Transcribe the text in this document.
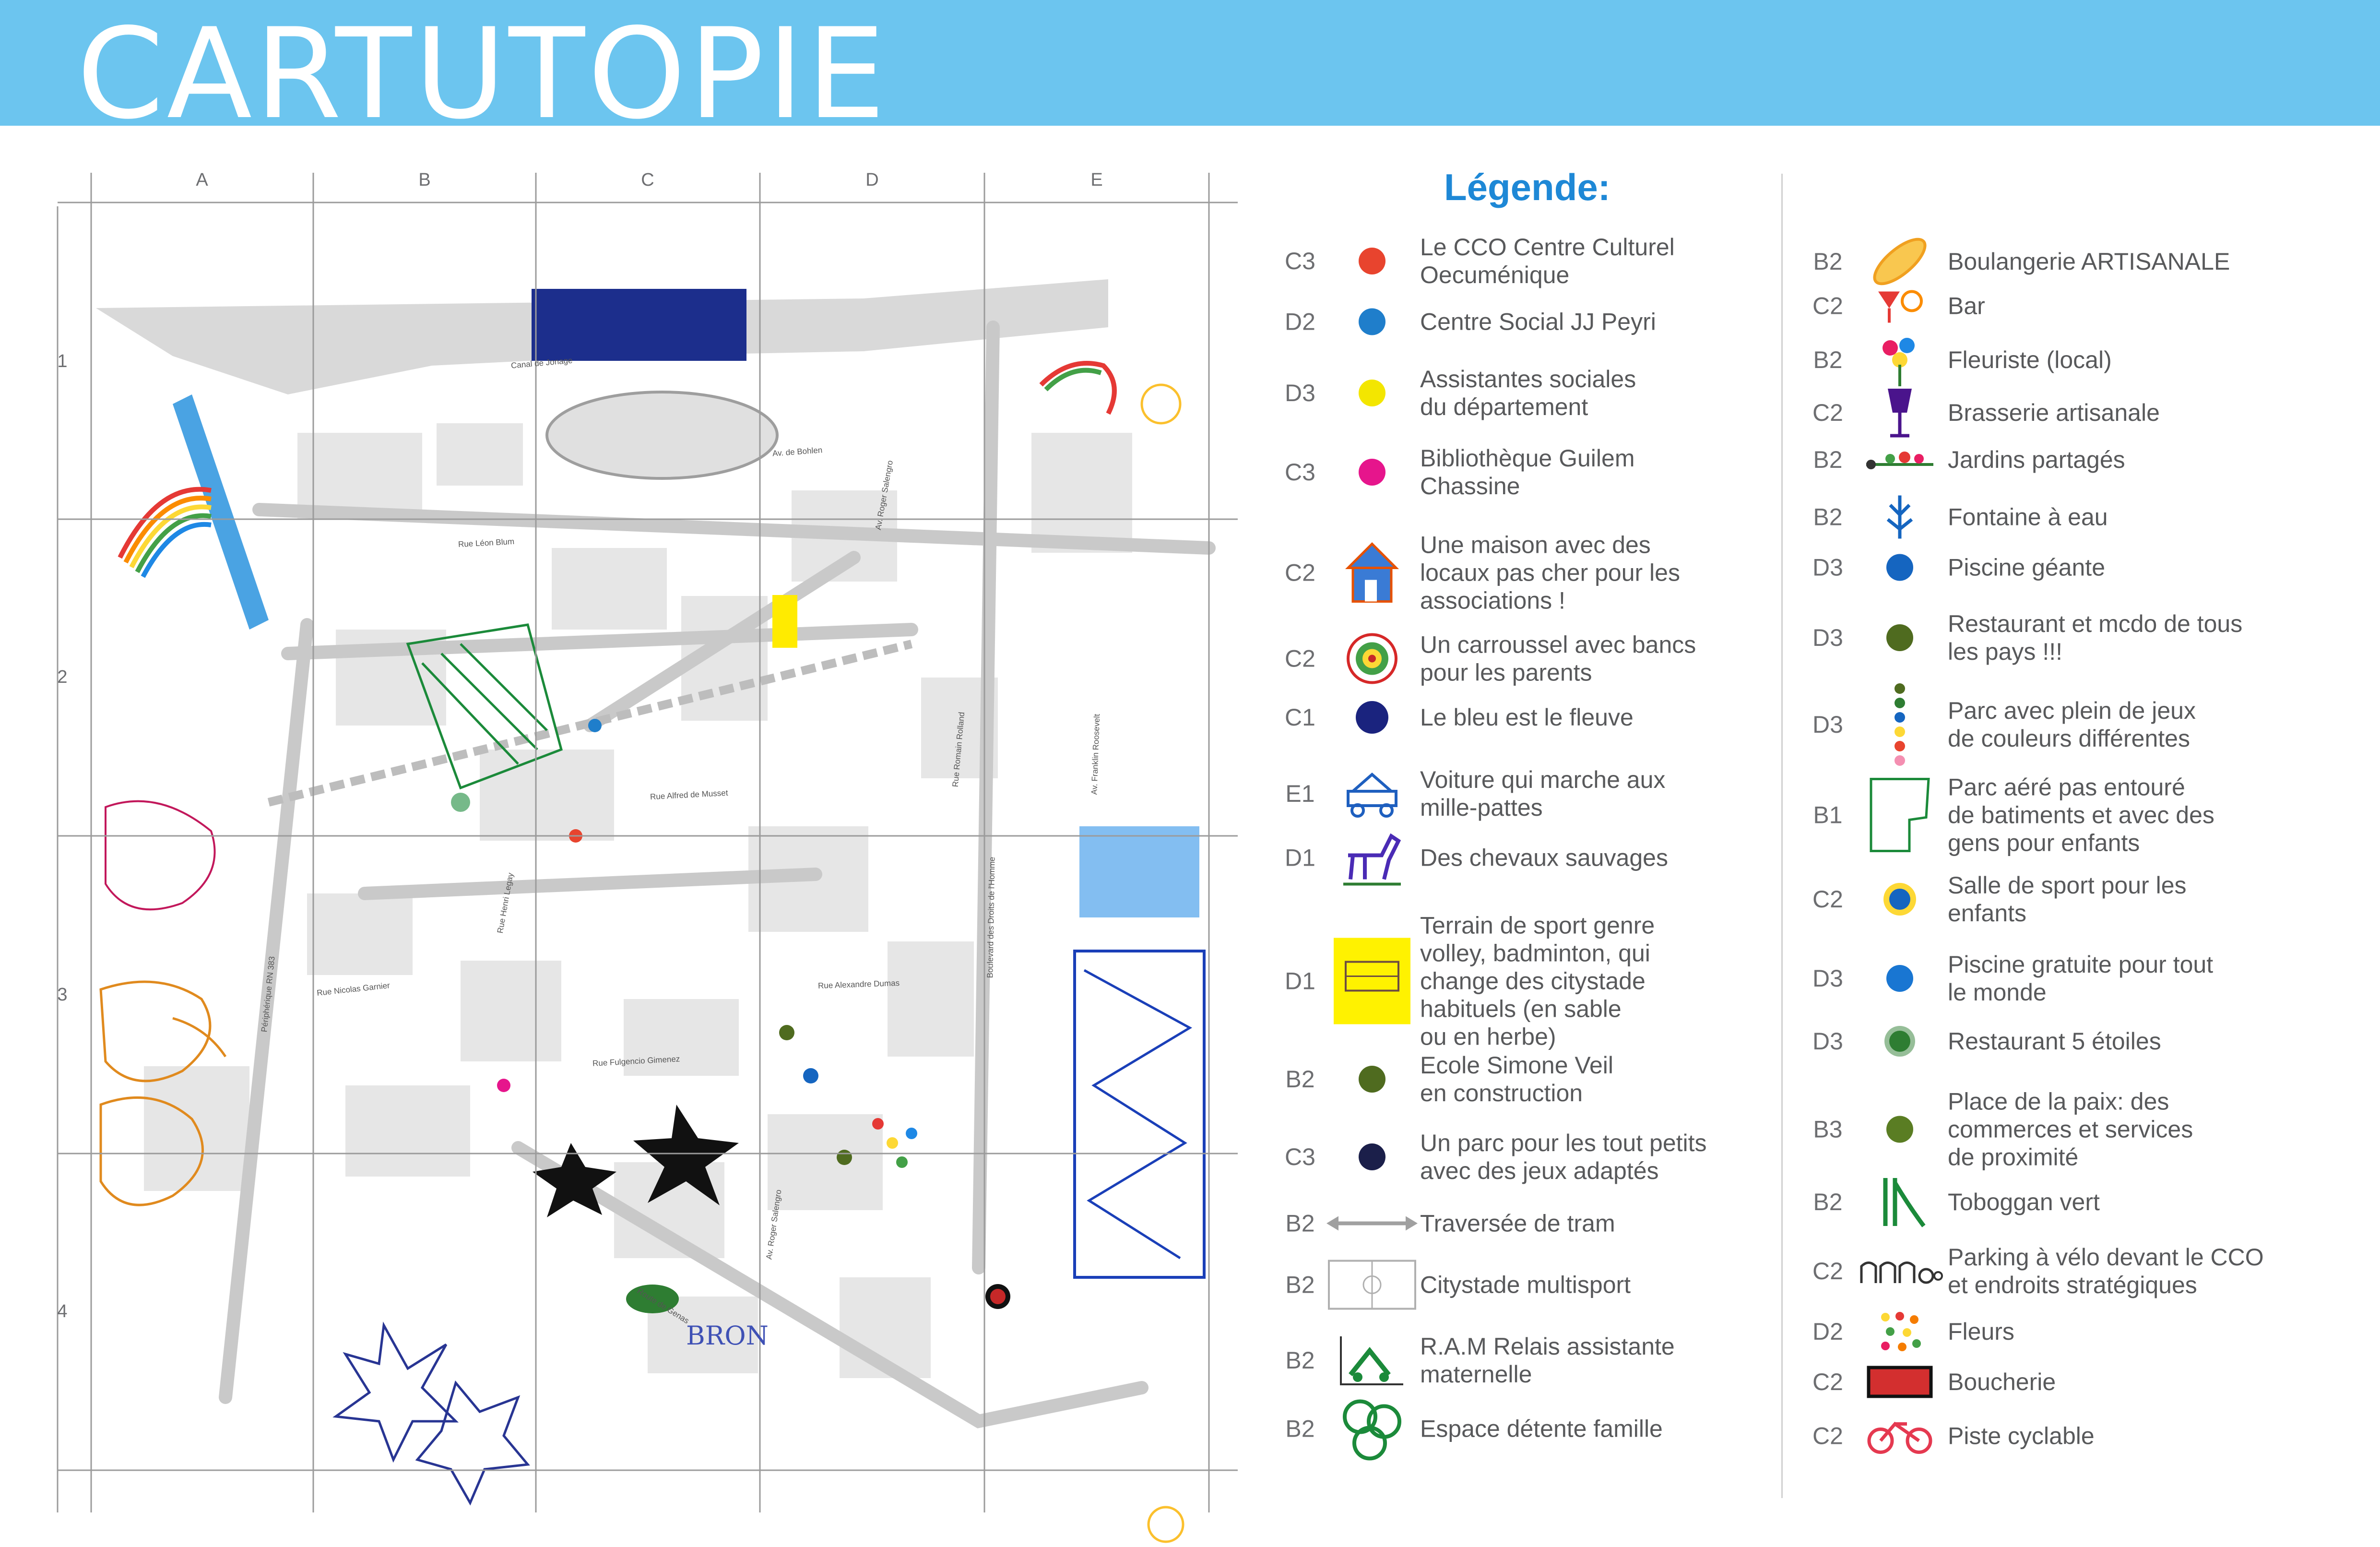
CARTUTOPIE
A	B	C	D	E
1
2
3
4
Canal de Jonage
Av. de Bohlen
Rue Léon Blum
Av. Roger Salengro
Rue Alfred de Musset
Rue Romain Rolland	Av. Franklin Roosevelt
Boulevard des Droits de l'Homme
Périphérique RN 383
Rue Henri Legay
Rue Nicolas Garnier	Rue Alexandre Dumas
Rue Fulgencio Gimenez
Route de Genas
Av. Roger Salengro
BRON
Légende:
C3
Le CCO Centre Culturel
Oecuménique
D2	Centre Social JJ Peyri
D3
Assistantes sociales
du département
C3
Bibliothèque Guilem
Chassine
C2
Une maison avec des
locaux pas cher pour les
associations !
C2
Un carroussel avec bancs
pour les parents
C1	Le bleu est le fleuve
E1
Voiture qui marche aux
mille-pattes
D1	Des chevaux sauvages
D1
Terrain de sport genre
volley, badminton, qui
change des citystade
habituels (en sable
ou en herbe)
B2
Ecole Simone Veil
en construction
C3
Un parc pour les tout petits
avec des jeux adaptés
B2	Traversée de tram
B2	Citystade multisport
B2
R.A.M Relais assistante
maternelle
B2	Espace détente famille
B2	Boulangerie ARTISANALE
C2	Bar
B2	Fleuriste (local)
C2	Brasserie artisanale
B2	Jardins partagés
B2	Fontaine à eau
D3	Piscine géante
D3
Restaurant et mcdo de tous
les pays !!!
D3
Parc avec plein de jeux
de couleurs différentes
B1
Parc aéré pas entouré
de batiments et avec des
gens pour enfants
C2
Salle de sport pour les
enfants
D3
Piscine gratuite pour tout
le monde
D3	Restaurant 5 étoiles
B3
Place de la paix: des
commerces et services
de proximité
B2	Toboggan vert
C2
Parking à vélo devant le CCO
et endroits stratégiques
D2	Fleurs
C2	Boucherie
C2	Piste cyclable
